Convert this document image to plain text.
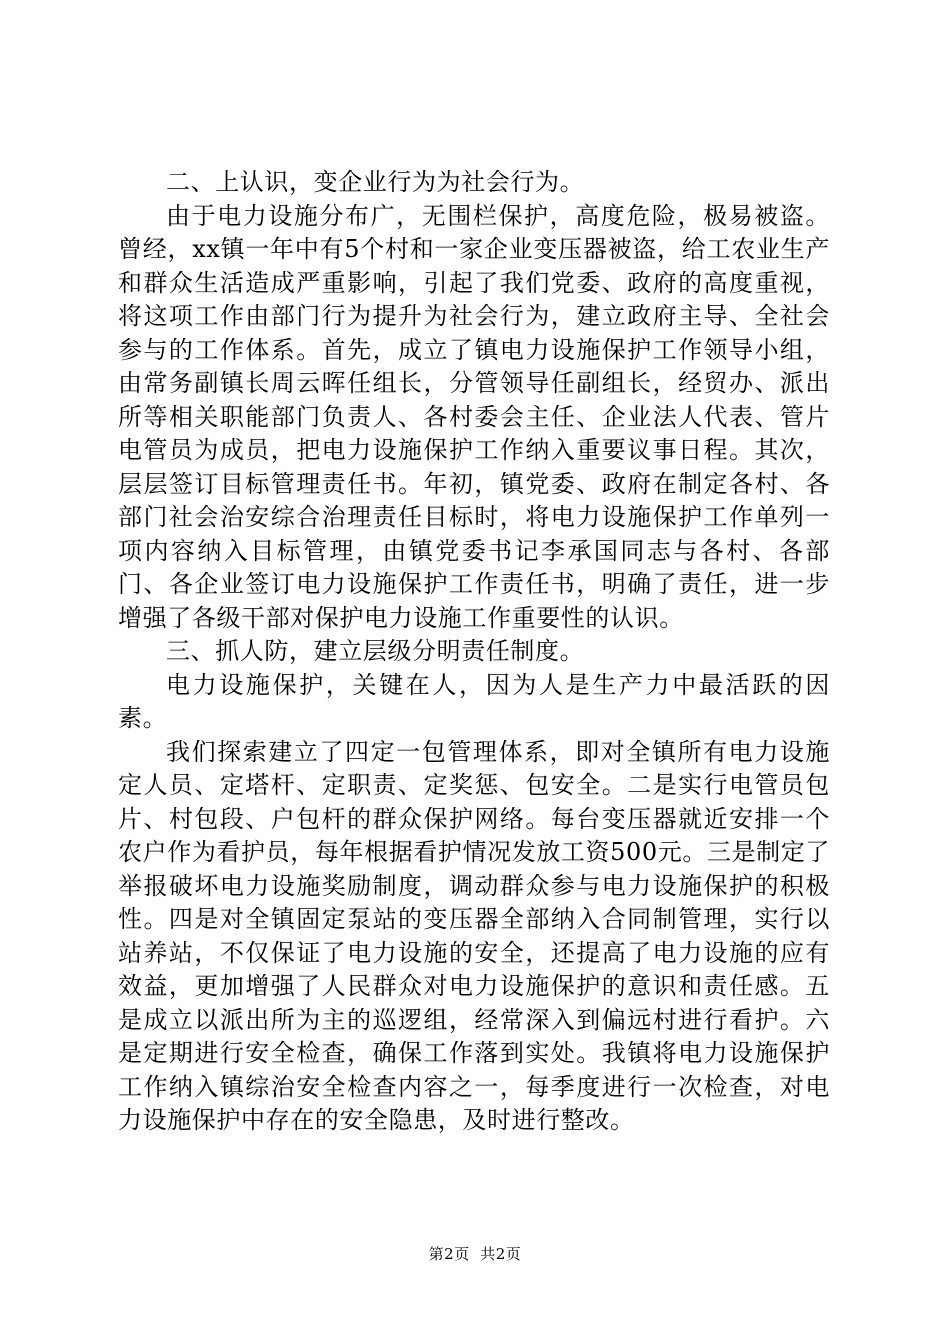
二、上认识，变企业行为为社会行为。

由于电力设施分布广，无围栏保护，高度危险，极易被盗。曾经，xx镇一年中有5个村和一家企业变压器被盗，给工农业生产和群众生活造成严重影响，引起了我们党委、政府的高度重视，将这项工作由部门行为提升为社会行为，建立政府主导、全社会参与的工作体系。首先，成立了镇电力设施保护工作领导小组，由常务副镇长周云晖任组长，分管领导任副组长，经贸办、派出所等相关职能部门负责人、各村委会主任、企业法人代表、管片电管员为成员，把电力设施保护工作纳入重要议事日程。其次，层层签订目标管理责任书。年初，镇党委、政府在制定各村、各部门社会治安综合治理责任目标时，将电力设施保护工作单列一项内容纳入目标管理，由镇党委书记李承国同志与各村、各部门、各企业签订电力设施保护工作责任书，明确了责任，进一步增强了各级干部对保护电力设施工作重要性的认识。

三、抓人防，建立层级分明责任制度。

电力设施保护，关键在人，因为人是生产力中最活跃的因素。

我们探索建立了四定一包管理体系，即对全镇所有电力设施定人员、定塔杆、定职责、定奖惩、包安全。二是实行电管员包片、村包段、户包杆的群众保护网络。每台变压器就近安排一个农户作为看护员，每年根据看护情况发放工资500元。三是制定了举报破坏电力设施奖励制度，调动群众参与电力设施保护的积极性。四是对全镇固定泵站的变压器全部纳入合同制管理，实行以站养站，不仅保证了电力设施的安全，还提高了电力设施的应有效益，更加增强了人民群众对电力设施保护的意识和责任感。五是成立以派出所为主的巡逻组，经常深入到偏远村进行看护。六是定期进行安全检查，确保工作落到实处。我镇将电力设施保护工作纳入镇综治安全检查内容之一，每季度进行一次检查，对电力设施保护中存在的安全隐患，及时进行整改。

第2页 共2页
